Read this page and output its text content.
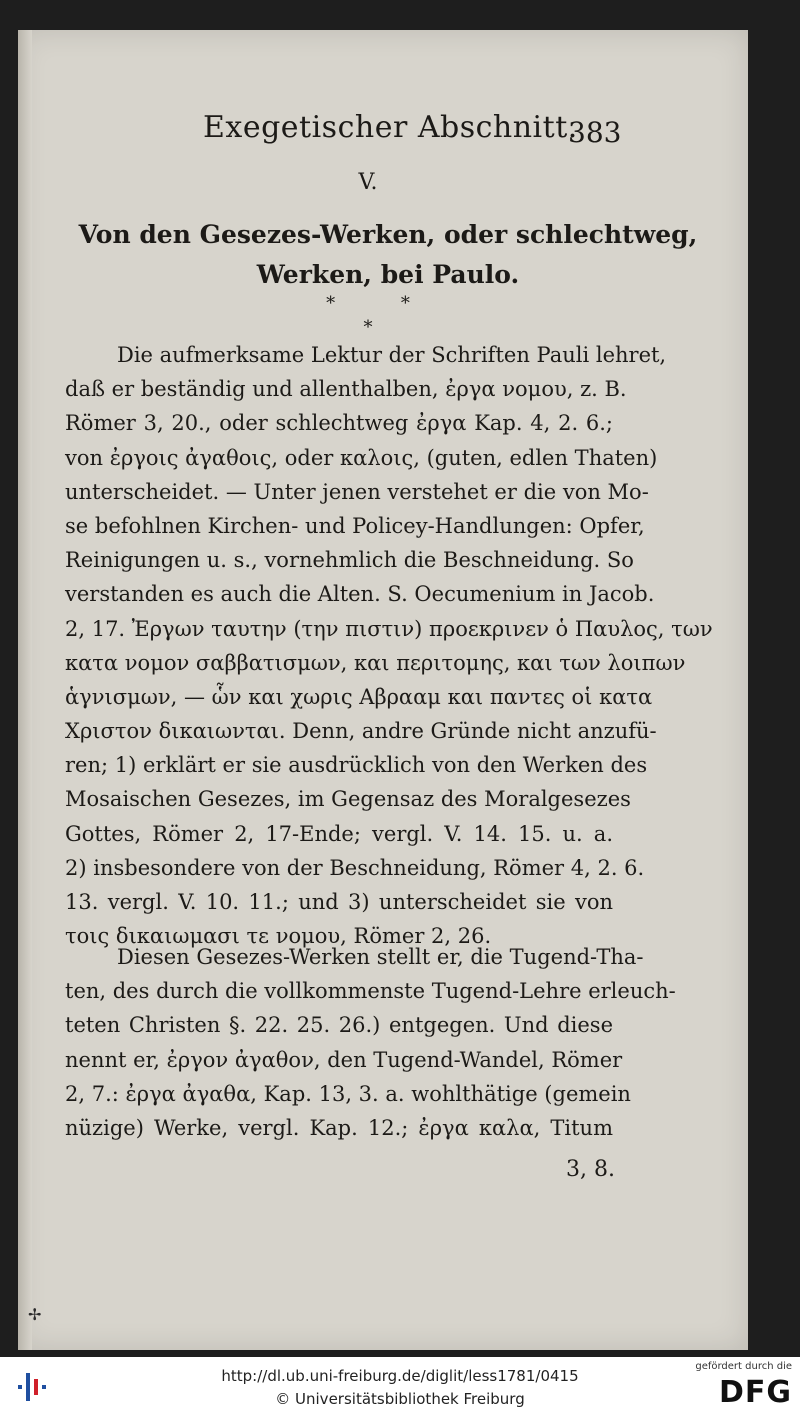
Exegetischer Abschnitt.
383
V.
Von den Gesezes-Werken, oder schlechtweg,
Werken, bei Paulo.
*	*
*
Die aufmerksame Lektur der Schriften Pauli lehret,
daß er beständig und allenthalben, ἐργα νομου, z. B.
Römer 3, 20., oder schlechtweg ἐργα Kap. 4, 2. 6.;
von ἐργοις ἀγαθοις, oder καλοις, (guten, edlen Thaten)
unterscheidet. — Unter jenen verstehet er die von Mo-
se befohlnen Kirchen- und Policey-Handlungen: Opfer,
Reinigungen u. s., vornehmlich die Beschneidung. So
verstanden es auch die Alten. S. Oecumenium in Jacob.
2, 17. Ἐργων ταυτην (την πιστιν) προεκρινεν ὁ Παυλος, των
κατα νομον σαββατισμων, και περιτομης, και των λοιπων
ἁγνισμων, — ὧν και χωρις Αβρααμ και παντες οἱ κατα
Χριστον δικαιωνται. Denn, andre Gründe nicht anzufü-
ren; 1) erklärt er sie ausdrücklich von den Werken des
Mosaischen Gesezes, im Gegensaz des Moralgesezes
Gottes, Römer 2, 17-Ende; vergl. V. 14. 15. u. a.
2) insbesondere von der Beschneidung, Römer 4, 2. 6.
13. vergl. V. 10. 11.; und 3) unterscheidet sie von
τοις δικαιωμασι τε νομου, Römer 2, 26.
Diesen Gesezes-Werken stellt er, die Tugend-Tha-
ten, des durch die vollkommenste Tugend-Lehre erleuch-
teten Christen §. 22. 25. 26.) entgegen. Und diese
nennt er, ἐργον ἀγαθον, den Tugend-Wandel, Römer
2, 7.: ἐργα ἀγαθα, Kap. 13, 3. a. wohlthätige (gemein
nüzige) Werke, vergl. Kap. 12.; ἐργα καλα, Titum
3, 8.
✢
http://dl.ub.uni-freiburg.de/diglit/less1781/0415
© Universitätsbibliothek Freiburg
gefördert durch die
DFG
